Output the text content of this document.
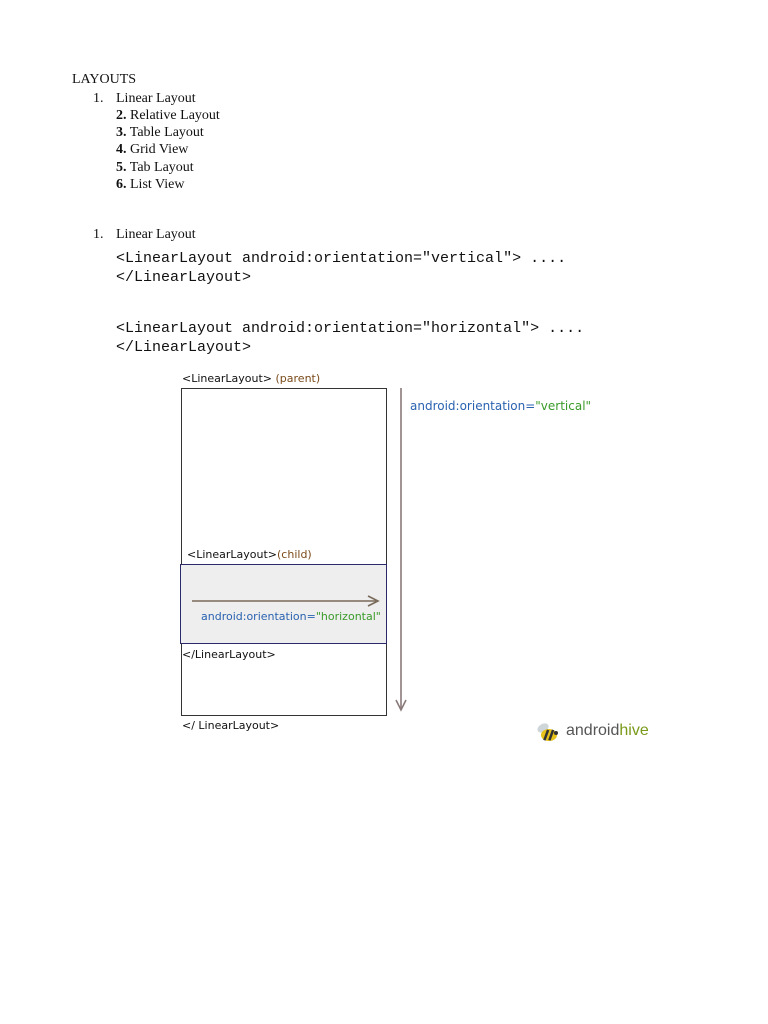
LAYOUTS
1. Linear Layout
2. Relative Layout
3. Table Layout
4. Grid View
5. Tab Layout
6. List View
1. Linear Layout
<LinearLayout android:orientation="vertical"> ....
</LinearLayout>
<LinearLayout android:orientation="horizontal"> ....
</LinearLayout>
<LinearLayout> (parent)
<LinearLayout>(child)
android:orientation="horizontal"
</LinearLayout>
</ LinearLayout>
android:orientation="vertical"
androidhive
